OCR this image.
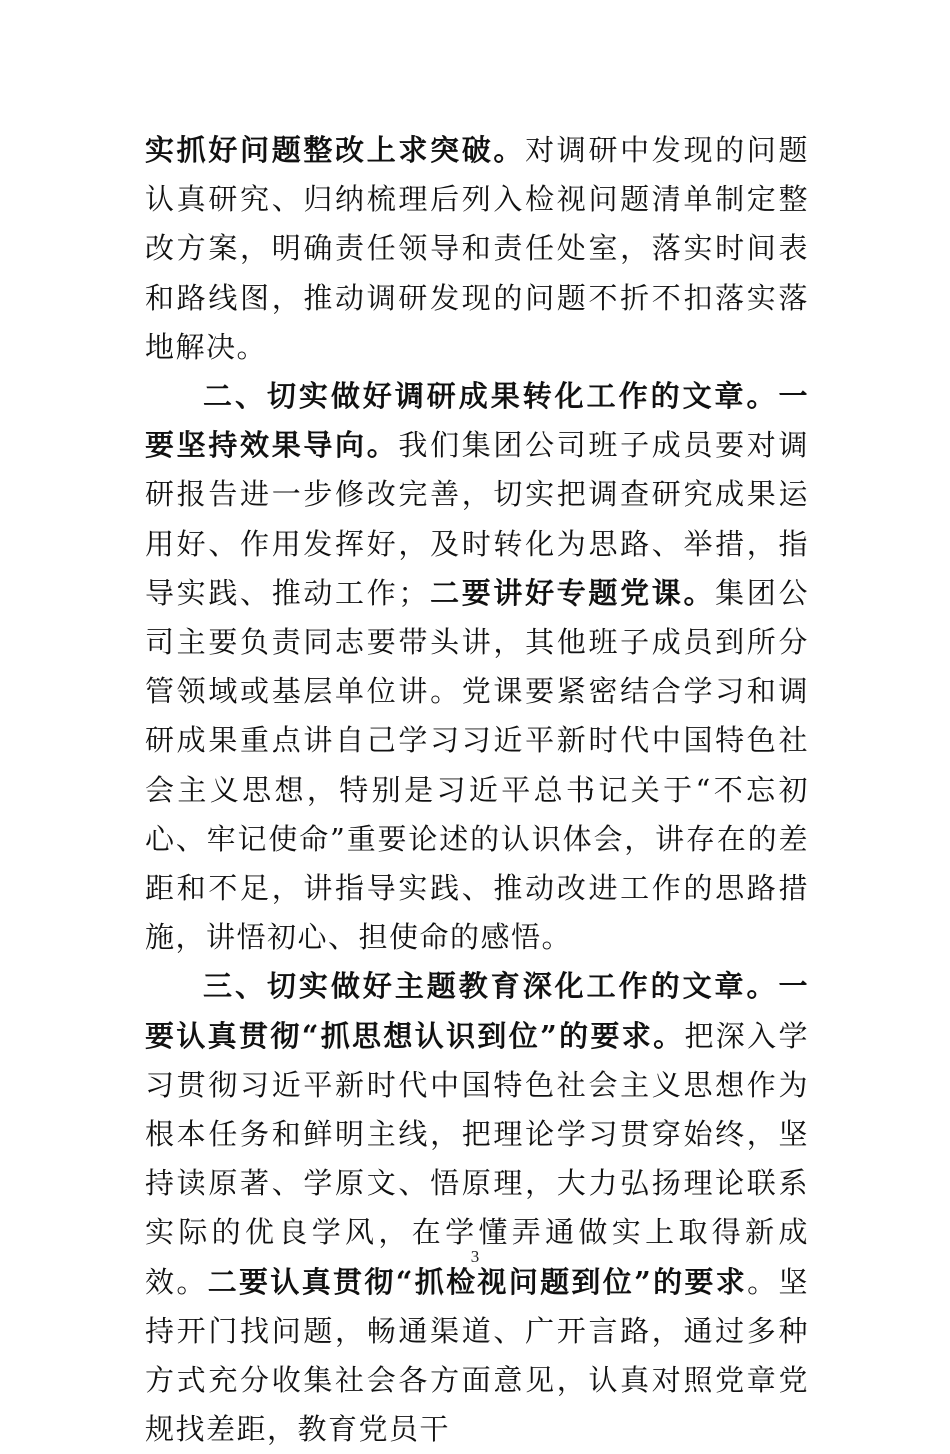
实抓好问题整改上求突破。对调研中发现的问题认真研究、归纳梳理后列入检视问题清单制定整改方案，明确责任领导和责任处室，落实时间表和路线图，推动调研发现的问题不折不扣落实落地解决。

二、切实做好调研成果转化工作的文章。一要坚持效果导向。我们集团公司班子成员要对调研报告进一步修改完善，切实把调查研究成果运用好、作用发挥好，及时转化为思路、举措，指导实践、推动工作；二要讲好专题党课。集团公司主要负责同志要带头讲，其他班子成员到所分管领域或基层单位讲。党课要紧密结合学习和调研成果重点讲自己学习习近平新时代中国特色社会主义思想，特别是习近平总书记关于“不忘初心、牢记使命”重要论述的认识体会，讲存在的差距和不足，讲指导实践、推动改进工作的思路措施，讲悟初心、担使命的感悟。

三、切实做好主题教育深化工作的文章。一要认真贯彻“抓思想认识到位”的要求。把深入学习贯彻习近平新时代中国特色社会主义思想作为根本任务和鲜明主线，把理论学习贯穿始终，坚持读原著、学原文、悟原理，大力弘扬理论联系实际的优良学风，在学懂弄通做实上取得新成效。二要认真贯彻“抓检视问题到位”的要求。坚持开门找问题，畅通渠道、广开言路，通过多种方式充分收集社会各方面意见，认真对照党章党规找差距，教育党员干

3
